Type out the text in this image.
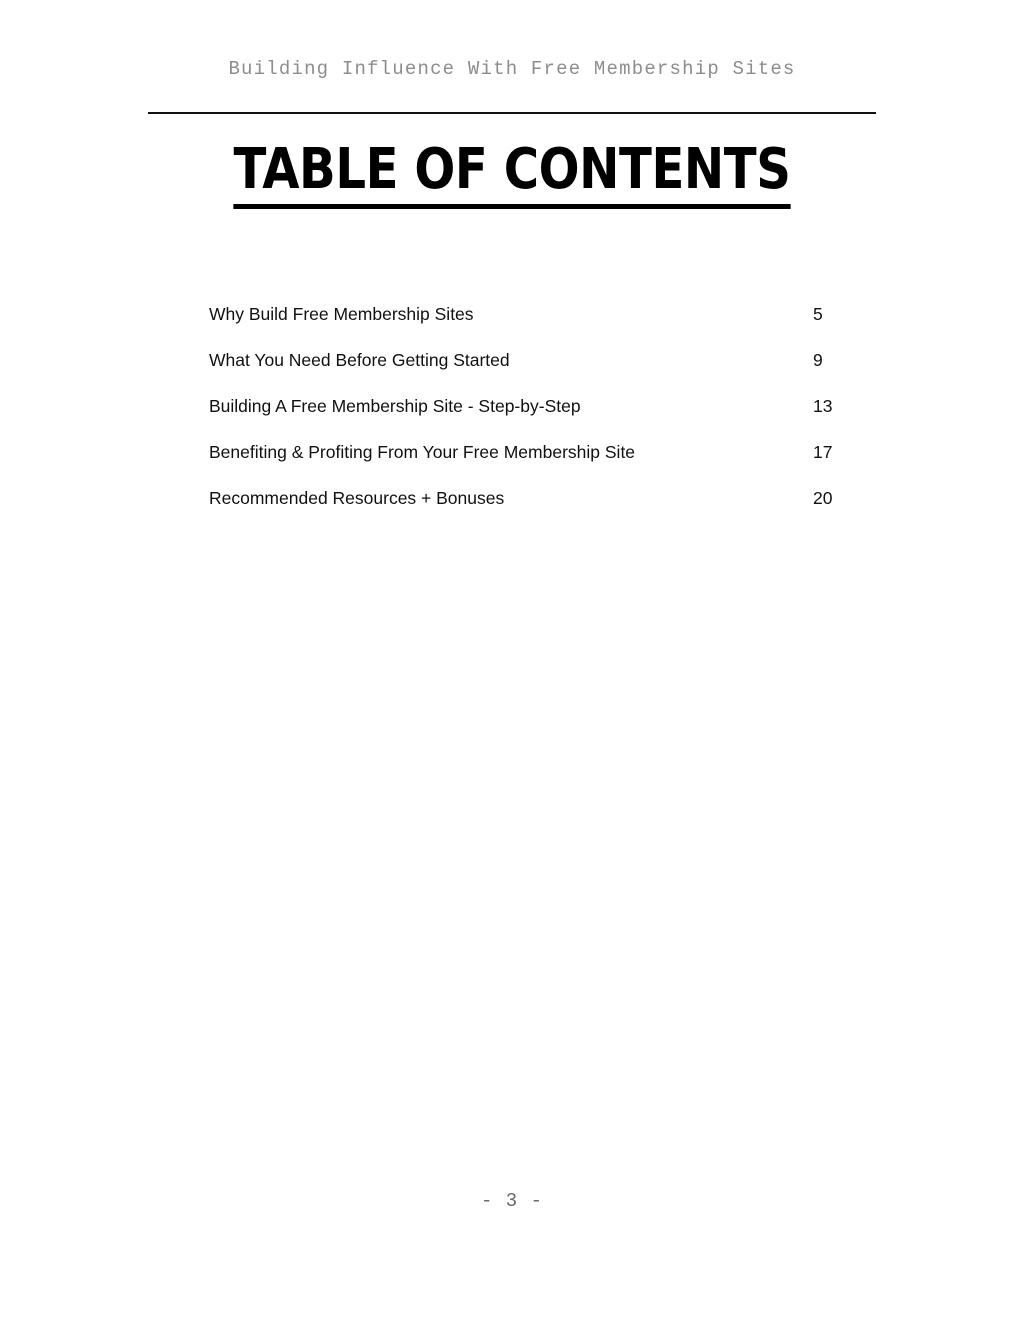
Building Influence With Free Membership Sites
TABLE OF CONTENTS
Why Build Free Membership Sites	5
What You Need Before Getting Started	9
Building A Free Membership Site - Step-by-Step	13
Benefiting & Profiting From Your Free Membership Site	17
Recommended Resources + Bonuses	20
- 3 -
